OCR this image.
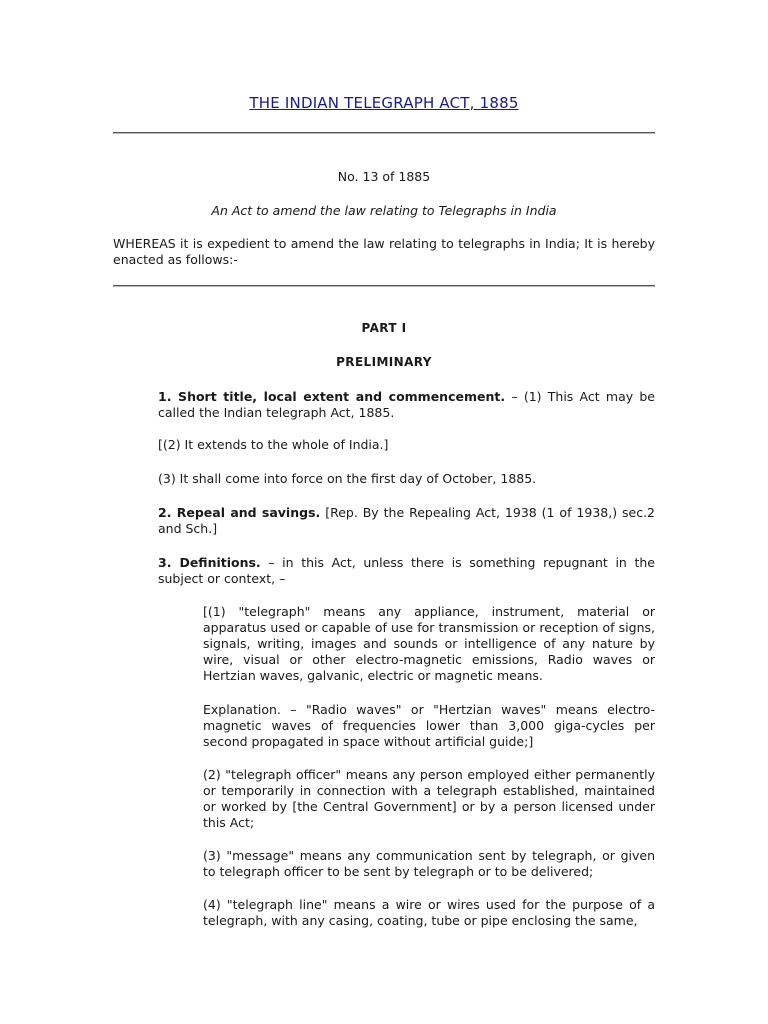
THE INDIAN TELEGRAPH ACT, 1885
No. 13 of 1885
An Act to amend the law relating to Telegraphs in India
WHEREAS it is expedient to amend the law relating to telegraphs in India; It is hereby enacted as follows:-
PART I
PRELIMINARY
1. Short title, local extent and commencement. – (1) This Act may be called the Indian telegraph Act, 1885.
[(2) It extends to the whole of India.]
(3) It shall come into force on the first day of October, 1885.
2. Repeal and savings. [Rep. By the Repealing Act, 1938 (1 of 1938,) sec.2 and Sch.]
3. Definitions. – in this Act, unless there is something repugnant in the subject or context, –
[(1) "telegraph" means any appliance, instrument, material or apparatus used or capable of use for transmission or reception of signs, signals, writing, images and sounds or intelligence of any nature by wire, visual or other electro-magnetic emissions, Radio waves or Hertzian waves, galvanic, electric or magnetic means.
Explanation. – "Radio waves" or "Hertzian waves" means electro-magnetic waves of frequencies lower than 3,000 giga-cycles per second propagated in space without artificial guide;]
(2) "telegraph officer" means any person employed either permanently or temporarily in connection with a telegraph established, maintained or worked by [the Central Government] or by a person licensed under this Act;
(3) "message" means any communication sent by telegraph, or given to telegraph officer to be sent by telegraph or to be delivered;
(4) "telegraph line" means a wire or wires used for the purpose of a telegraph, with any casing, coating, tube or pipe enclosing the same,
